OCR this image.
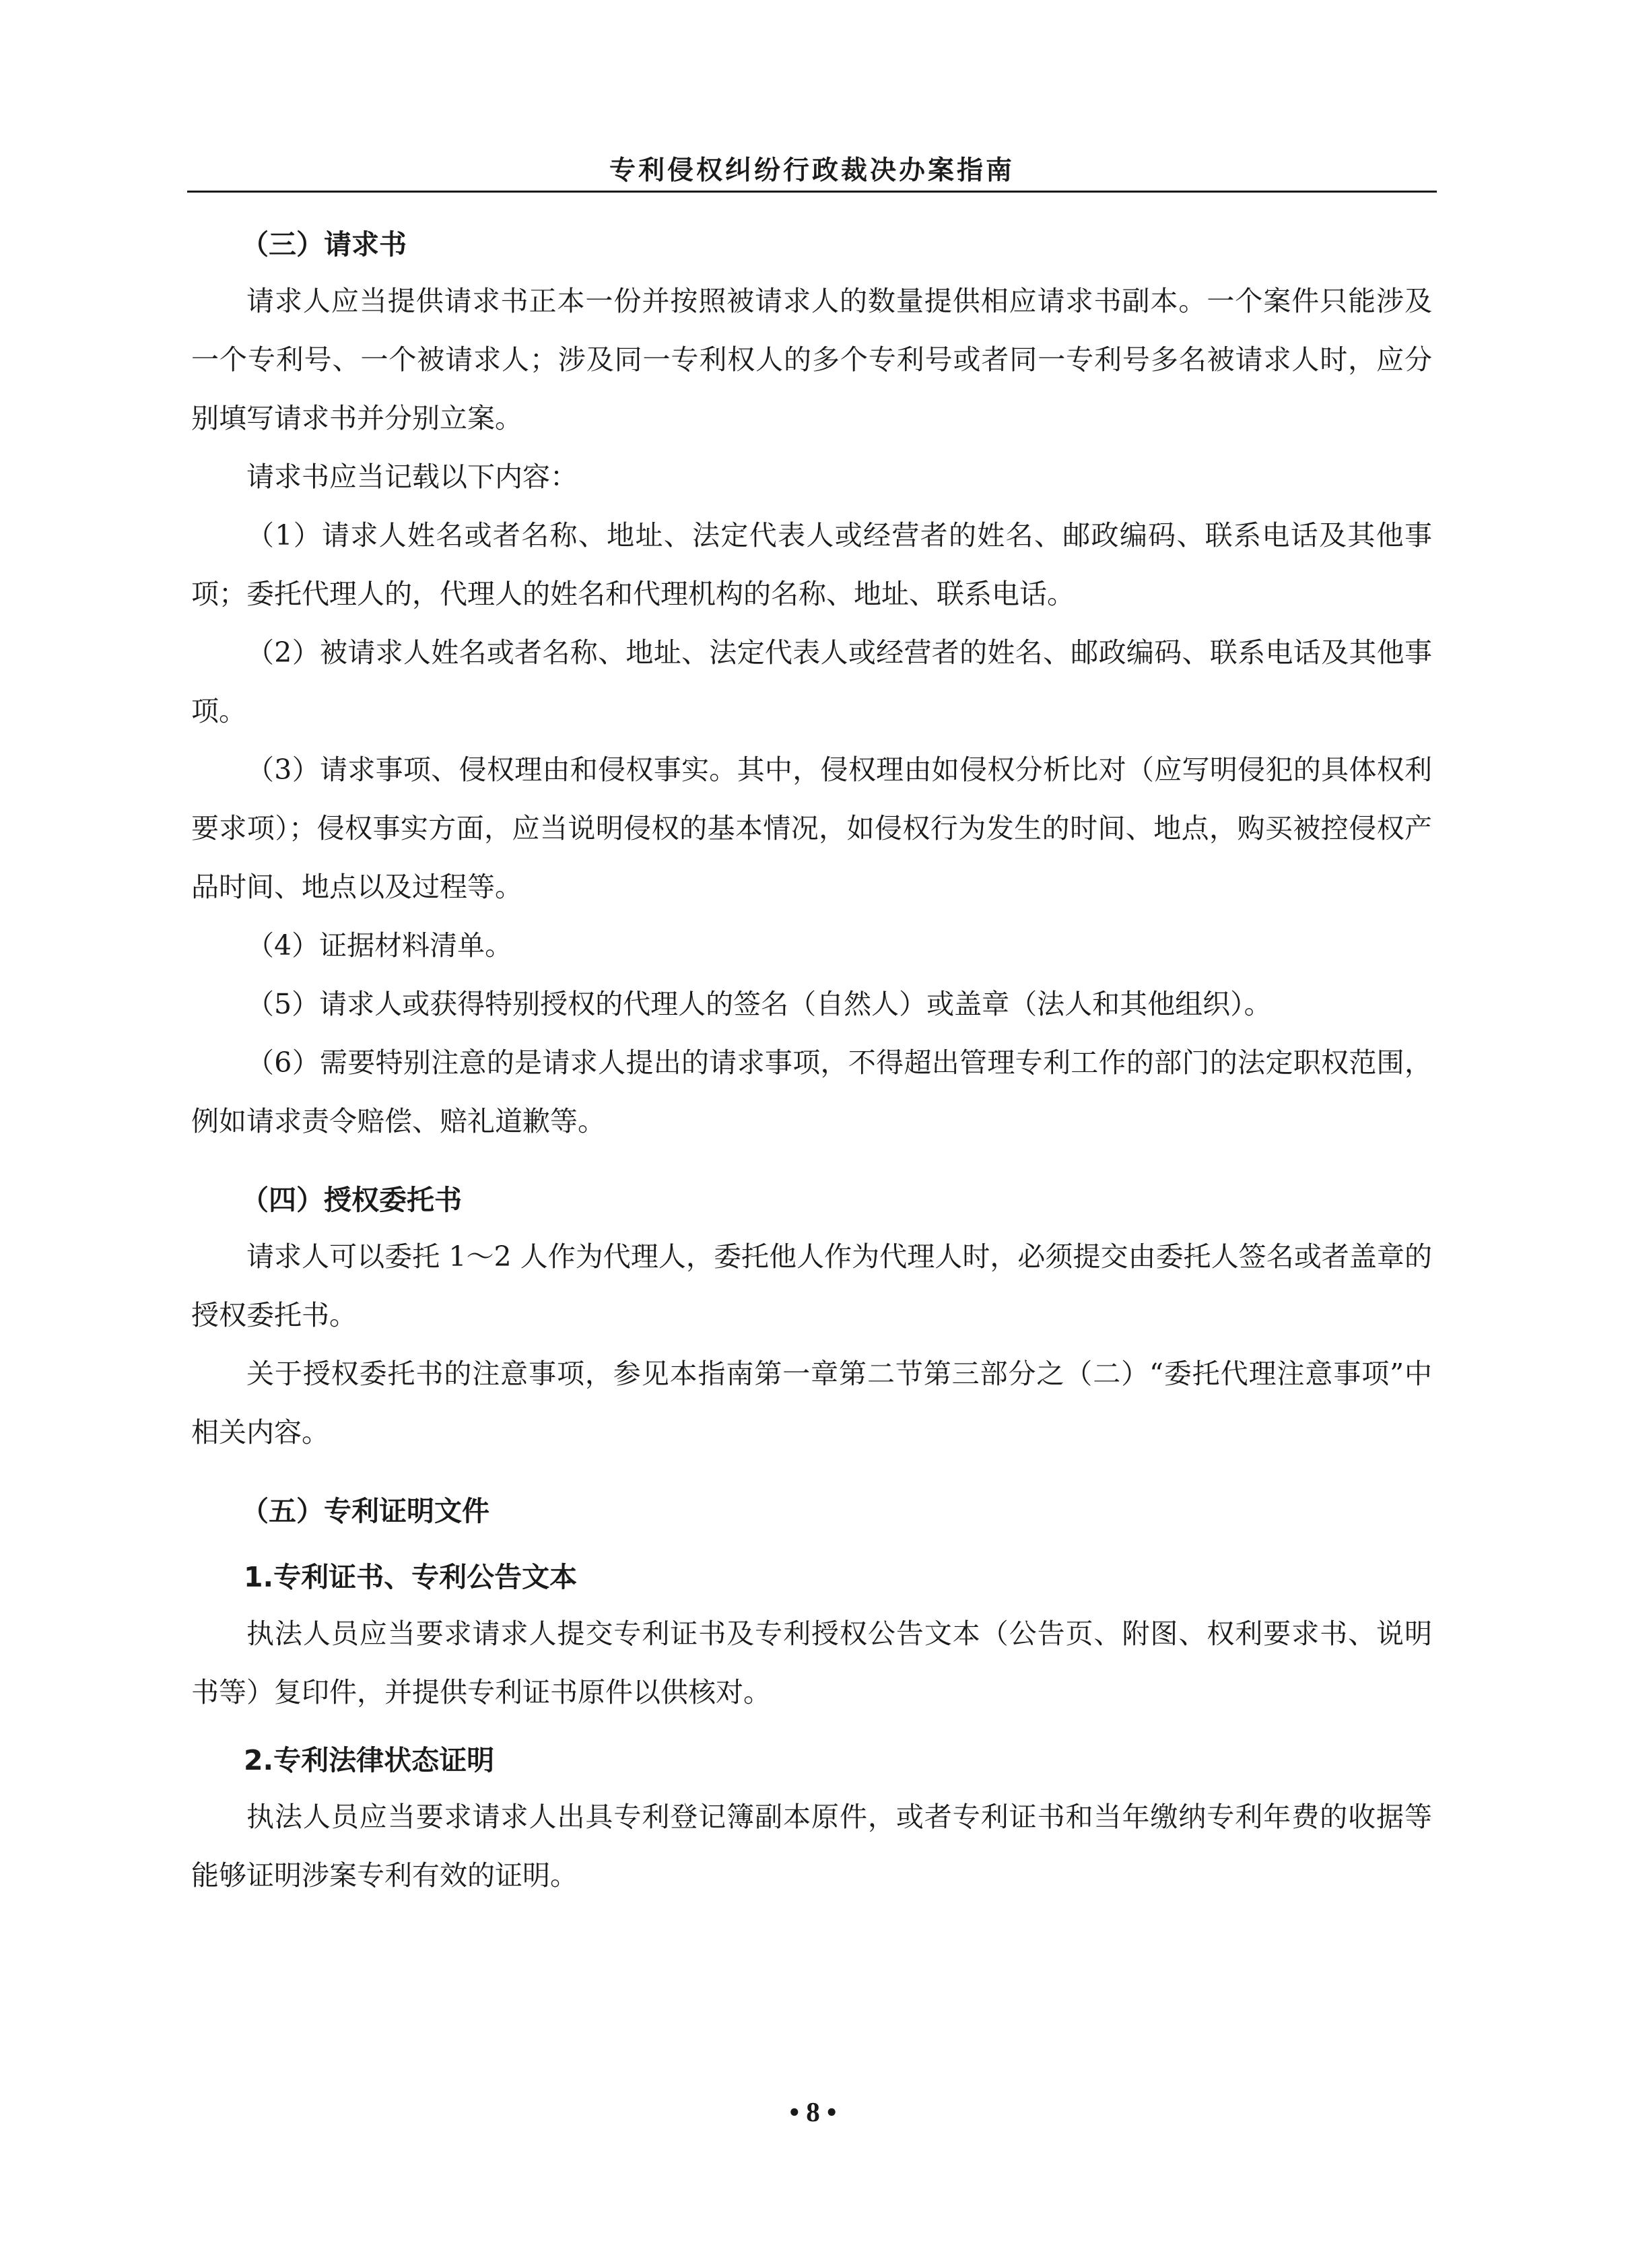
专利侵权纠纷行政裁决办案指南
（三）请求书

请求人应当提供请求书正本一份并按照被请求人的数量提供相应请求书副本。一个案件只能涉及一个专利号、一个被请求人；涉及同一专利权人的多个专利号或者同一专利号多名被请求人时，应分别填写请求书并分别立案。

请求书应当记载以下内容：

（1）请求人姓名或者名称、地址、法定代表人或经营者的姓名、邮政编码、联系电话及其他事项；委托代理人的，代理人的姓名和代理机构的名称、地址、联系电话。

（2）被请求人姓名或者名称、地址、法定代表人或经营者的姓名、邮政编码、联系电话及其他事项。

（3）请求事项、侵权理由和侵权事实。其中，侵权理由如侵权分析比对（应写明侵犯的具体权利要求项）；侵权事实方面，应当说明侵权的基本情况，如侵权行为发生的时间、地点，购买被控侵权产品时间、地点以及过程等。

（4）证据材料清单。

（5）请求人或获得特别授权的代理人的签名（自然人）或盖章（法人和其他组织）。

（6）需要特别注意的是请求人提出的请求事项，不得超出管理专利工作的部门的法定职权范围，例如请求责令赔偿、赔礼道歉等。

（四）授权委托书

请求人可以委托 1～2 人作为代理人，委托他人作为代理人时，必须提交由委托人签名或者盖章的授权委托书。

关于授权委托书的注意事项，参见本指南第一章第二节第三部分之（二）“委托代理注意事项”中相关内容。

（五）专利证明文件
1.专利证书、专利公告文本

执法人员应当要求请求人提交专利证书及专利授权公告文本（公告页、附图、权利要求书、说明书等）复印件，并提供专利证书原件以供核对。

2.专利法律状态证明

执法人员应当要求请求人出具专利登记簿副本原件，或者专利证书和当年缴纳专利年费的收据等能够证明涉案专利有效的证明。

• 8 •
